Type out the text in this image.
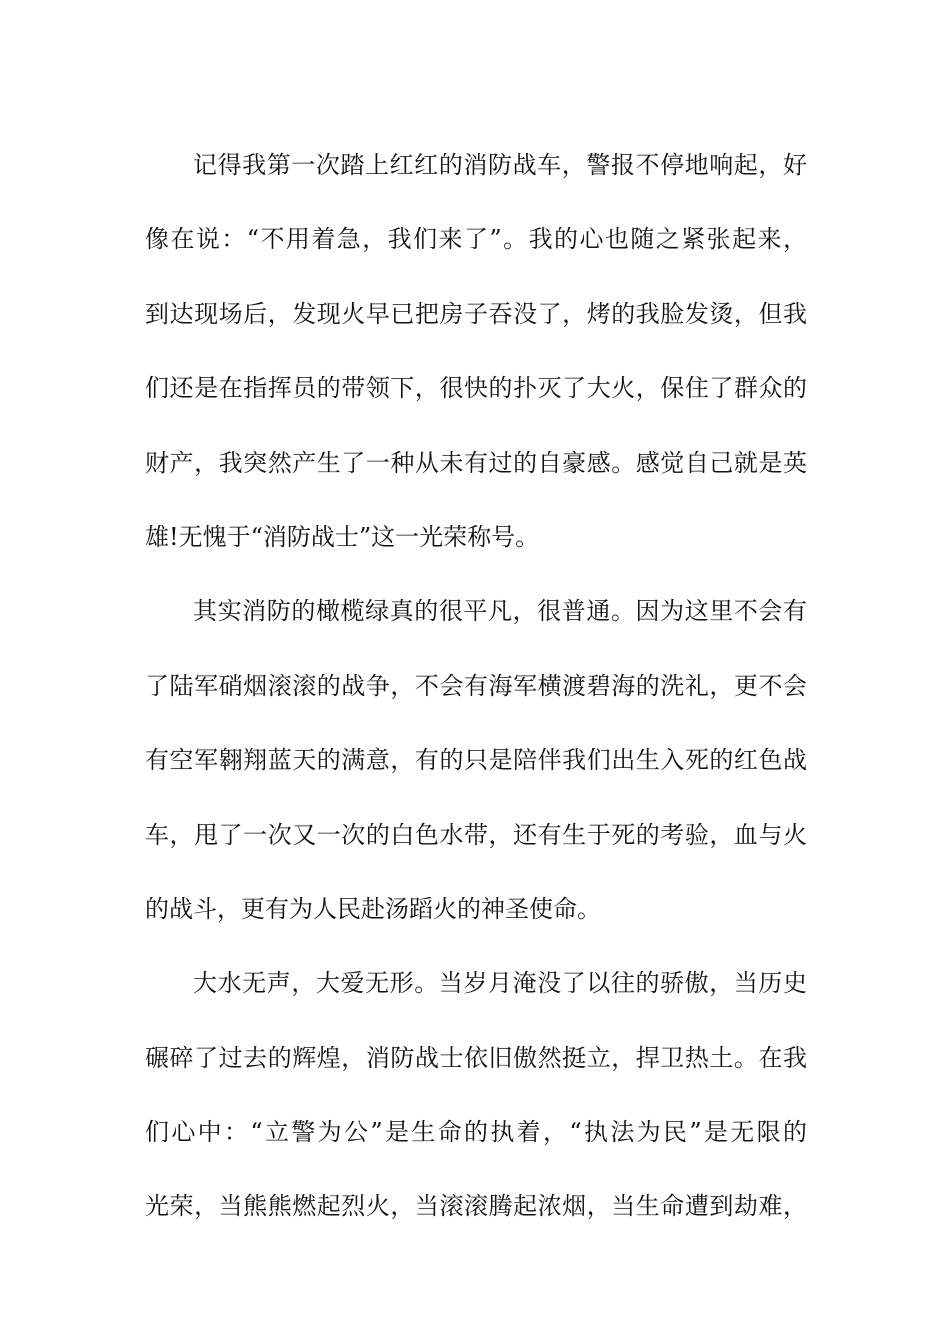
记得我第一次踏上红红的消防战车，警报不停地响起，好
像在说：“不用着急，我们来了”。我的心也随之紧张起来，
到达现场后，发现火早已把房子吞没了，烤的我脸发烫，但我
们还是在指挥员的带领下，很快的扑灭了大火，保住了群众的
财产，我突然产生了一种从未有过的自豪感。感觉自己就是英
雄!无愧于“消防战士”这一光荣称号。
其实消防的橄榄绿真的很平凡，很普通。因为这里不会有
了陆军硝烟滚滚的战争，不会有海军横渡碧海的洗礼，更不会
有空军翱翔蓝天的满意，有的只是陪伴我们出生入死的红色战
车，甩了一次又一次的白色水带，还有生于死的考验，血与火
的战斗，更有为人民赴汤蹈火的神圣使命。
大水无声，大爱无形。当岁月淹没了以往的骄傲，当历史
碾碎了过去的辉煌，消防战士依旧傲然挺立，捍卫热土。在我
们心中：“立警为公”是生命的执着，“执法为民”是无限的
光荣，当熊熊燃起烈火，当滚滚腾起浓烟，当生命遭到劫难，
